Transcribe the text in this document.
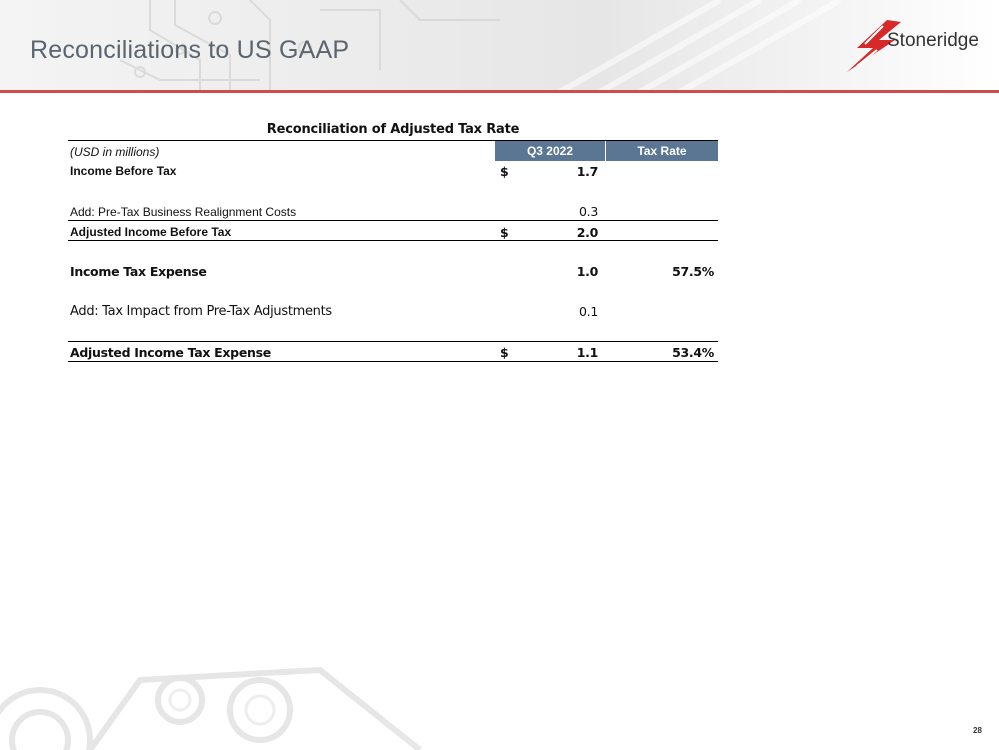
Reconciliations to US GAAP	Stoneridge
Reconciliation of Adjusted Tax Rate
(USD in millions)	Q3 2022	Tax Rate
Income Before Tax	$	1.7
Add: Pre-Tax Business Realignment Costs	0.3
Adjusted Income Before Tax	$	2.0
Income Tax Expense	1.0	57.5%
Add: Tax Impact from Pre-Tax Adjustments	0.1
Adjusted Income Tax Expense	$	1.1	53.4%
28
